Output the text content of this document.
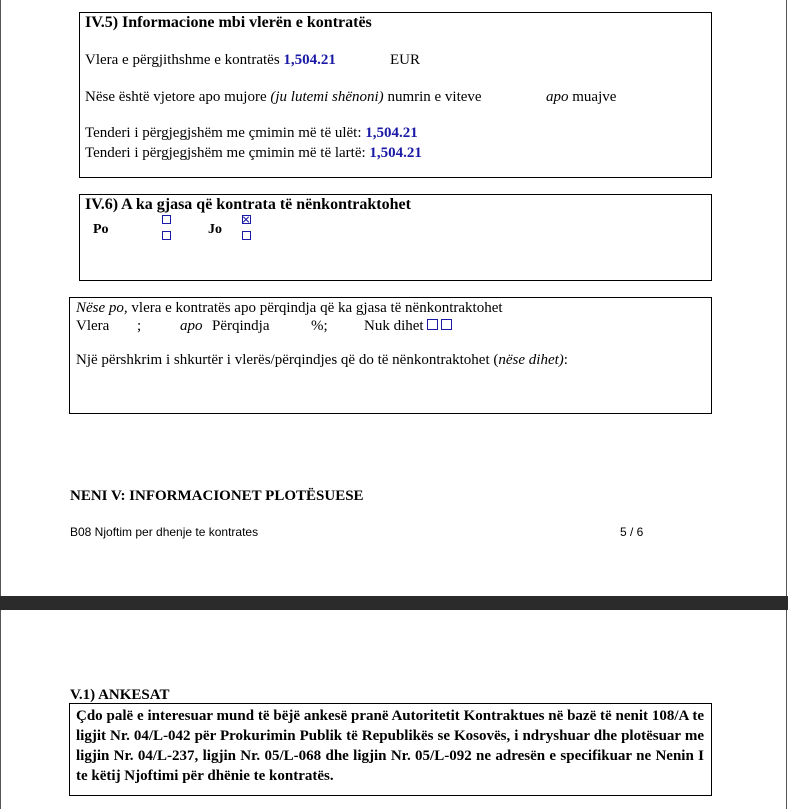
IV.5) Informacione mbi vlerën e kontratës
Vlera e përgjithshme e kontratës 1,504.21	EUR
Nëse është vjetore apo mujore (ju lutemi shënoni) numrin e viteve	apo muajve
Tenderi i përgjegjshëm me çmimin më të ulët: 1,504.21
Tenderi i përgjegjshëm me çmimin më të lartë: 1,504.21
IV.6) A ka gjasa që kontrata të nënkontraktohet
Po	Jo
Nëse po, vlera e kontratës apo përqindja që ka gjasa të nënkontraktohet
Vlera ;	apo Përqindja	%; Nuk dihet
Një përshkrim i shkurtër i vlerës/përqindjes që do të nënkontraktohet (nëse dihet):
NENI V: INFORMACIONET PLOTËSUESE
B08 Njoftim per dhenje te kontrates	5 / 6
V.1) ANKESAT
Çdo palë e interesuar mund të bëjë ankesë pranë Autoritetit Kontraktues në bazë të nenit 108/A te ligjit Nr. 04/L-042 për Prokurimin Publik të Republikës se Kosovës, i ndryshuar dhe plotësuar me ligjin Nr. 04/L-237, ligjin Nr. 05/L-068 dhe ligjin Nr. 05/L-092 ne adresën e specifikuar ne Nenin I te këtij Njoftimi për dhënie te kontratës.
